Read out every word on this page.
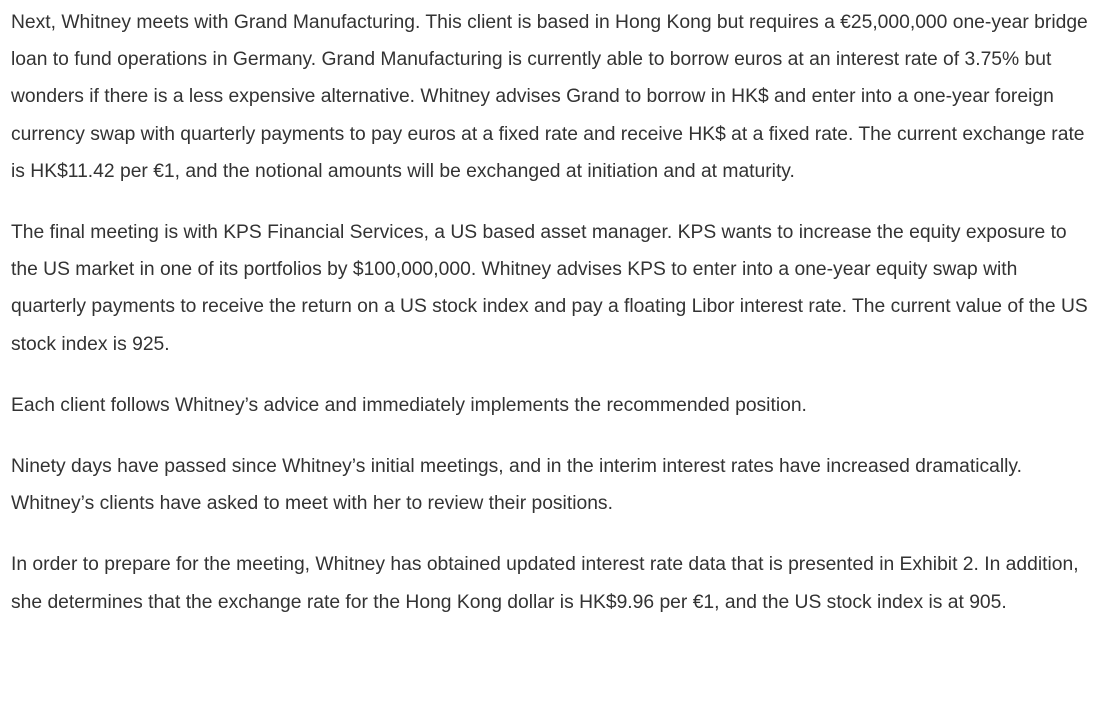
Next, Whitney meets with Grand Manufacturing. This client is based in Hong Kong but requires a €25,000,000 one-year bridge loan to fund operations in Germany. Grand Manufacturing is currently able to borrow euros at an interest rate of 3.75% but wonders if there is a less expensive alternative. Whitney advises Grand to borrow in HK$ and enter into a one-year foreign currency swap with quarterly payments to pay euros at a fixed rate and receive HK$ at a fixed rate. The current exchange rate is HK$11.42 per €1, and the notional amounts will be exchanged at initiation and at maturity.

The final meeting is with KPS Financial Services, a US based asset manager. KPS wants to increase the equity exposure to the US market in one of its portfolios by $100,000,000. Whitney advises KPS to enter into a one-year equity swap with quarterly payments to receive the return on a US stock index and pay a floating Libor interest rate. The current value of the US stock index is 925.

Each client follows Whitney’s advice and immediately implements the recommended position.

Ninety days have passed since Whitney’s initial meetings, and in the interim interest rates have increased dramatically. Whitney’s clients have asked to meet with her to review their positions.

In order to prepare for the meeting, Whitney has obtained updated interest rate data that is presented in Exhibit 2. In addition, she determines that the exchange rate for the Hong Kong dollar is HK$9.96 per €1, and the US stock index is at 905.
